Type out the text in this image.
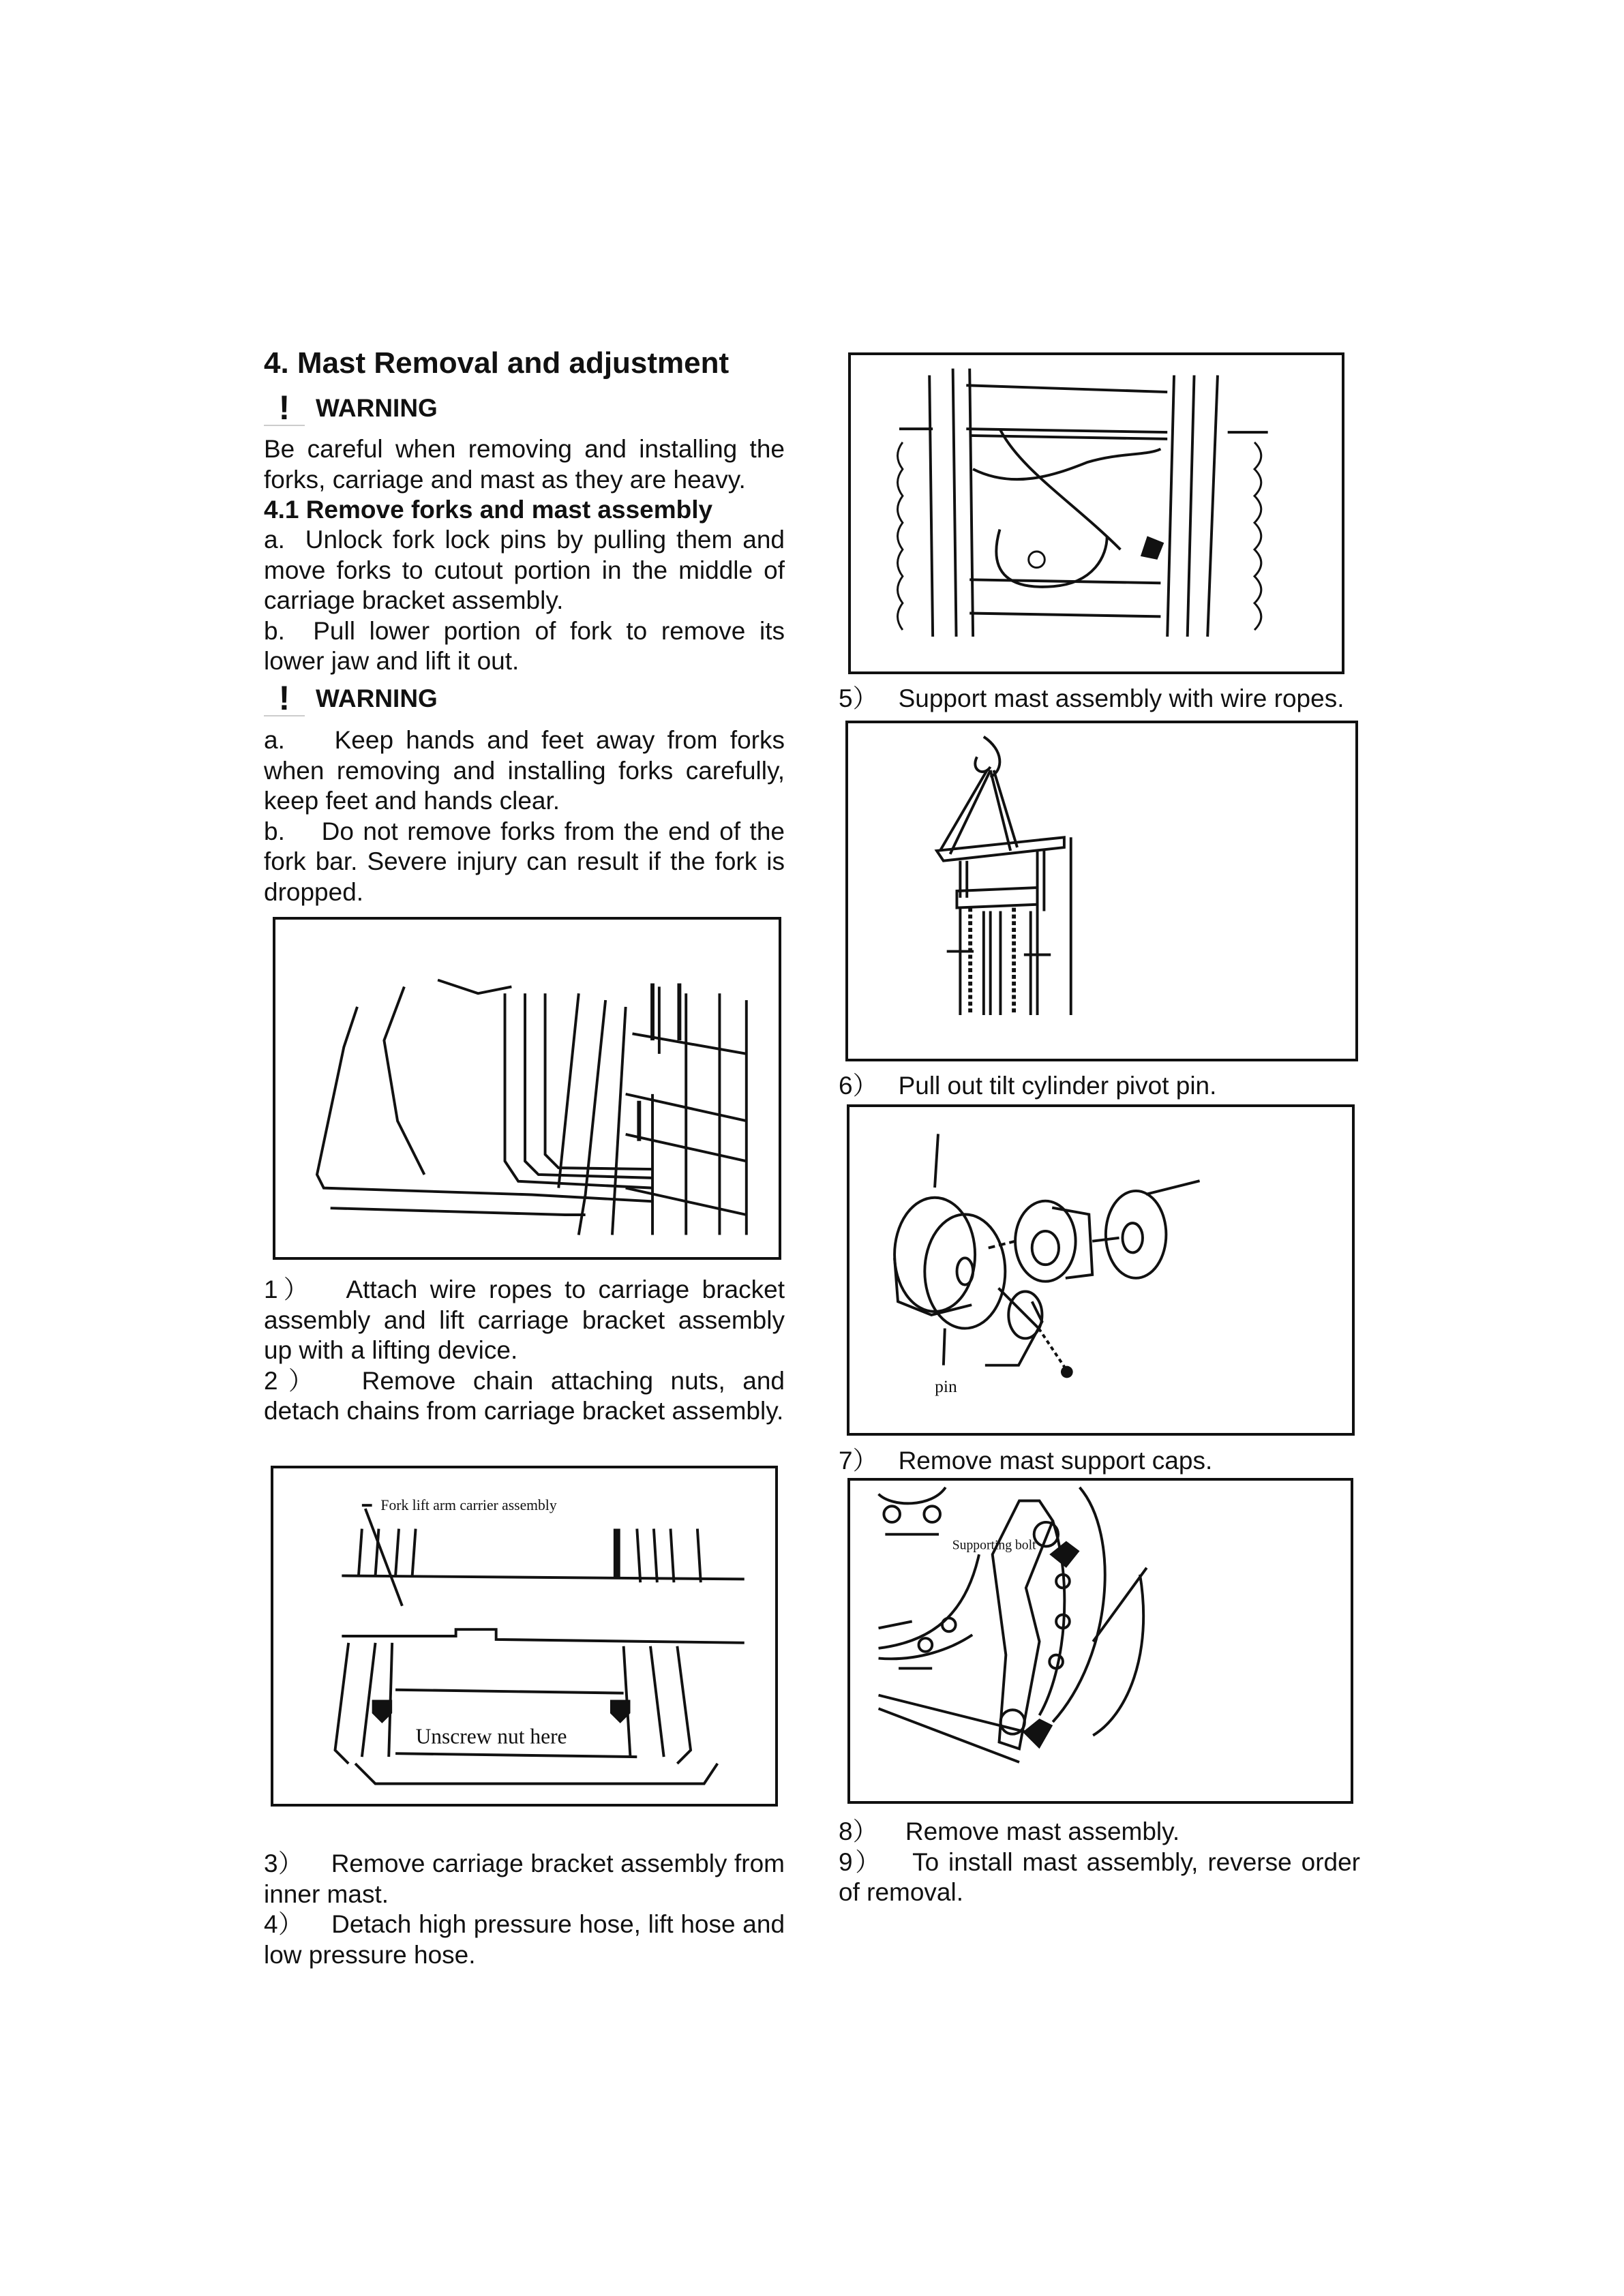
4. Mast Removal and adjustment
!	WARNING

Be careful when removing and installing the forks, carriage and mast as they are heavy.

4.1 Remove forks and mast assembly

a. Unlock fork lock pins by pulling them and move forks to cutout portion in the middle of carriage bracket assembly.

b. Pull lower portion of fork to remove its lower jaw and lift it out.

!	WARNING

a. Keep hands and feet away from forks when removing and installing forks carefully, keep feet and hands clear.

b. Do not remove forks from the end of the fork bar. Severe injury can result if the fork is dropped.

1） Attach wire ropes to carriage bracket assembly and lift carriage bracket assembly up with a lifting device.

2） Remove chain attaching nuts, and detach chains from carriage bracket assembly.

Fork lift arm carrier assembly
Unscrew nut here

3） Remove carriage bracket assembly from inner mast.

4） Detach high pressure hose, lift hose and low pressure hose.

5） Support mast assembly with wire ropes.
6） Pull out tilt cylinder pivot pin.
pin
7） Remove mast support caps.
Supporting bolt

8） Remove mast assembly.

9） To install mast assembly, reverse order of removal.
